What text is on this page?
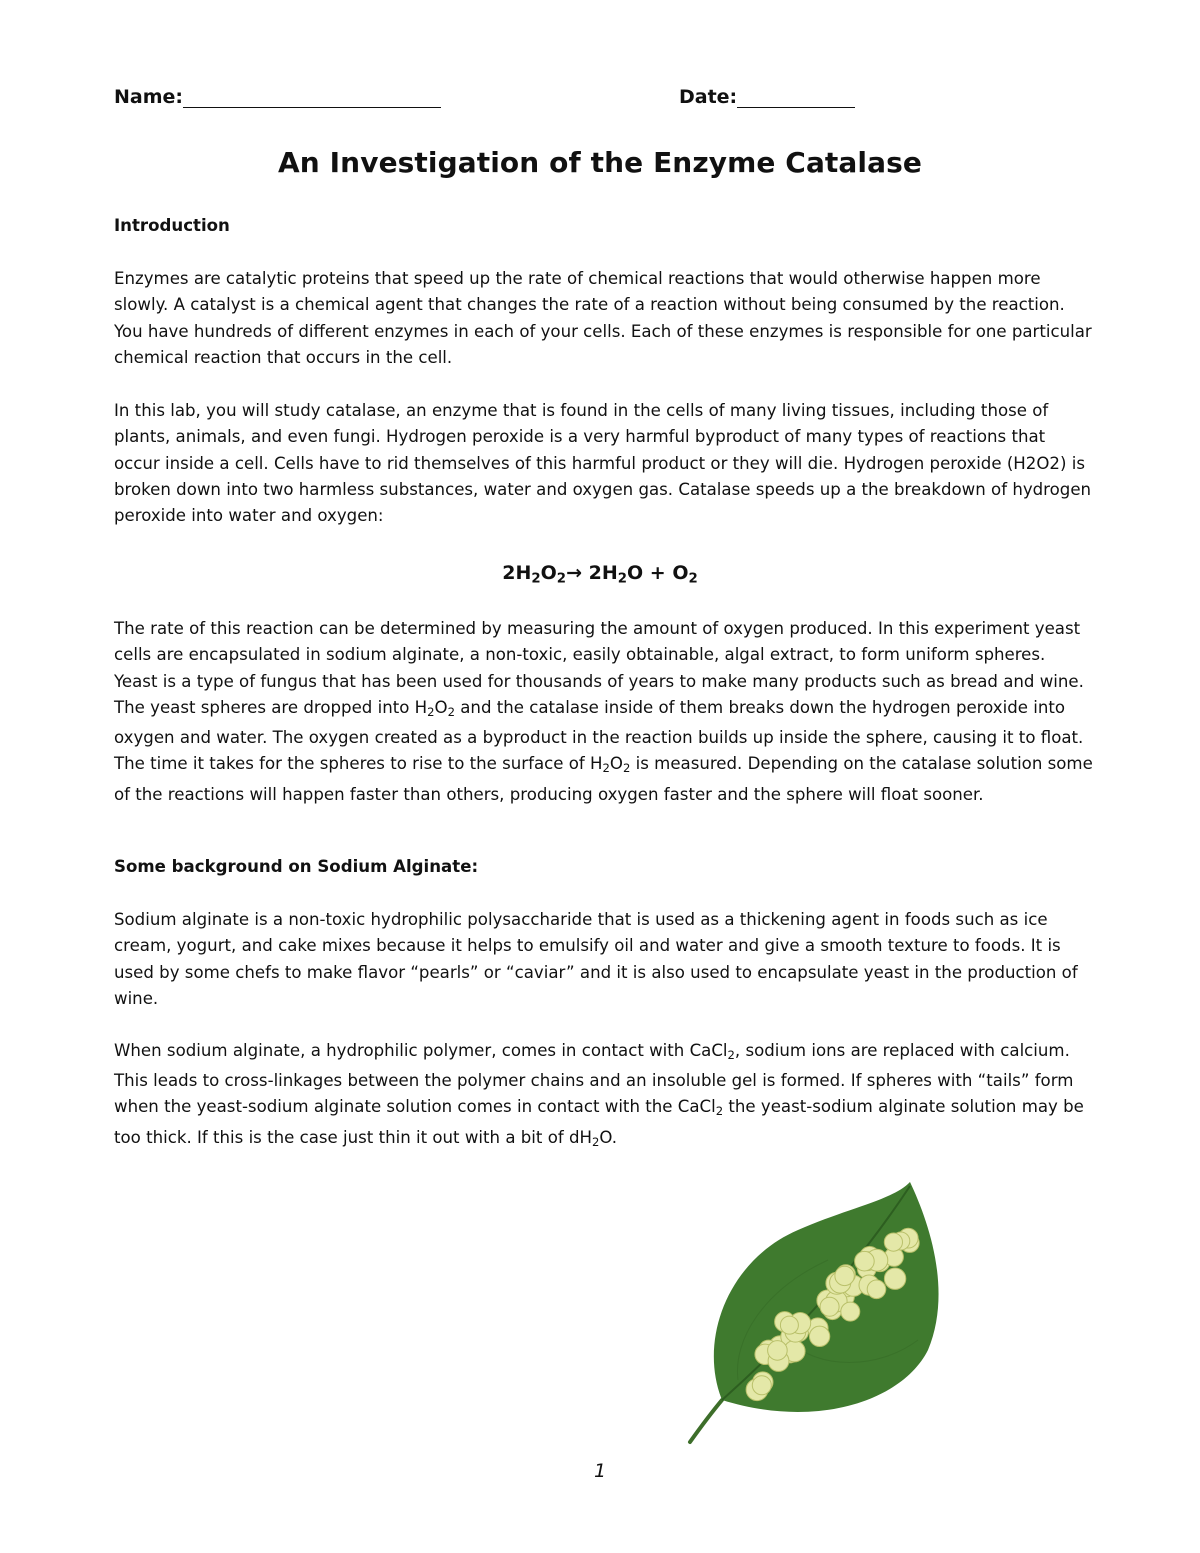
Name:	Date:
An Investigation of the Enzyme Catalase
Introduction
Enzymes are catalytic proteins that speed up the rate of chemical reactions that would otherwise happen more slowly. A catalyst is a chemical agent that changes the rate of a reaction without being consumed by the reaction. You have hundreds of different enzymes in each of your cells. Each of these enzymes is responsible for one particular chemical reaction that occurs in the cell.
In this lab, you will study catalase, an enzyme that is found in the cells of many living tissues, including those of plants, animals, and even fungi. Hydrogen peroxide is a very harmful byproduct of many types of reactions that occur inside a cell. Cells have to rid themselves of this harmful product or they will die. Hydrogen peroxide (H2O2) is broken down into two harmless substances, water and oxygen gas. Catalase speeds up a the breakdown of hydrogen peroxide into water and oxygen:
$2H_2O_2\to 2H_2O + O_2$
The rate of this reaction can be determined by measuring the amount of oxygen produced. In this experiment yeast cells are encapsulated in sodium alginate, a non-toxic, easily obtainable, algal extract, to form uniform spheres. Yeast is a type of fungus that has been used for thousands of years to make many products such as bread and wine. The yeast spheres are dropped into $H_2O_2$ and the catalase inside of them breaks down the hydrogen peroxide into oxygen and water. The oxygen created as a byproduct in the reaction builds up inside the sphere, causing it to float. The time it takes for the spheres to rise to the surface of $H_2O_2$ is measured. Depending on the catalase solution some of the reactions will happen faster than others, producing oxygen faster and the sphere will float sooner.
Some background on Sodium Alginate:
Sodium alginate is a non-toxic hydrophilic polysaccharide that is used as a thickening agent in foods such as ice cream, yogurt, and cake mixes because it helps to emulsify oil and water and give a smooth texture to foods. It is used by some chefs to make flavor “pearls” or “caviar” and it is also used to encapsulate yeast in the production of wine.
When sodium alginate, a hydrophilic polymer, comes in contact with CaCl$_2$, sodium ions are replaced with calcium. This leads to cross-linkages between the polymer chains and an insoluble gel is formed. If spheres with “tails” form when the yeast-sodium alginate solution comes in contact with the CaCl$_2$ the yeast-sodium alginate solution may be too thick. If this is the case just thin it out with a bit of $dH_2O$.
1
